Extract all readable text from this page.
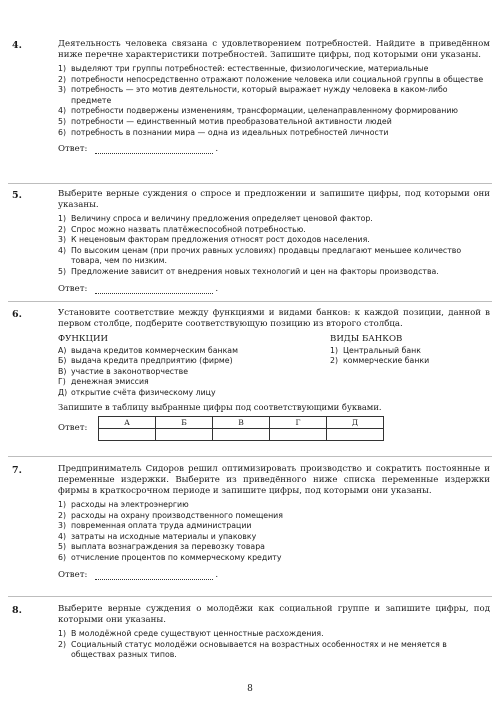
4.	Деятельность человека связана с удовлетворением потребностей. Найдите в приведённом ниже перечне характеристики потребностей. Запишите цифры, под которыми они указаны.
1) выделяют три группы потребностей: естественные, физиологические, материальные
2) потребности непосредственно отражают положение человека или социальной группы в обществе
3) потребность — это мотив деятельности, который выражает нужду человека в каком-либо предмете
4) потребности подвержены изменениям, трансформации, целенаправленному формированию
5) потребности — единственный мотив преобразовательной активности людей
6) потребность в познании мира — одна из идеальных потребностей личности
Ответ:	.
5.	Выберите верные суждения о спросе и предложении и запишите цифры, под которыми они указаны.
1) Величину спроса и величину предложения определяет ценовой фактор.
2) Спрос можно назвать платёжеспособной потребностью.
3) К неценовым факторам предложения относят рост доходов населения.
4) По высоким ценам (при прочих равных условиях) продавцы предлагают меньшее количество товара, чем по низким.
5) Предложение зависит от внедрения новых технологий и цен на факторы производства.
Ответ:	.
6.	Установите соответствие между функциями и видами банков: к каждой позиции, данной в первом столбце, подберите соответствующую позицию из второго столбца.
ФУНКЦИИ
А) выдача кредитов коммерческим банкам
Б) выдача кредита предприятию (фирме)
В) участие в законотворчестве
Г) денежная эмиссия
Д) открытие счёта физическому лицу
ВИДЫ БАНКОВ
1) Центральный банк
2) коммерческие банки
Запишите в таблицу выбранные цифры под соответствующими буквами.
Ответ:
А	Б	В	Г	Д

7.	Предприниматель Сидоров решил оптимизировать производство и сократить постоянные и переменные издержки. Выберите из приведённого ниже списка переменные издержки фирмы в краткосрочном периоде и запишите цифры, под которыми они указаны.
1) расходы на электроэнергию
2) расходы на охрану производственного помещения
3) повременная оплата труда администрации
4) затраты на исходные материалы и упаковку
5) выплата вознаграждения за перевозку товара
6) отчисление процентов по коммерческому кредиту
Ответ:	.
8.	Выберите верные суждения о молодёжи как социальной группе и запишите цифры, под которыми они указаны.
1) В молодёжной среде существуют ценностные расхождения.
2) Социальный статус молодёжи основывается на возрастных особенностях и не меняется в обществах разных типов.
8
